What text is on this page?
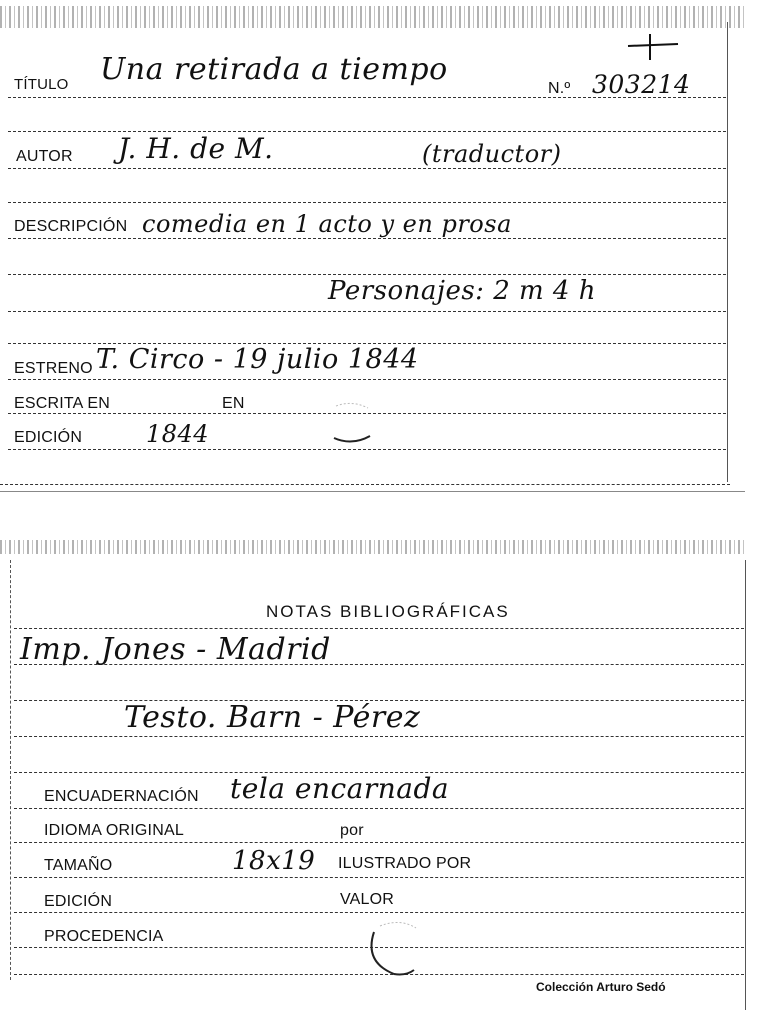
TÍTULO Una retirada a tiempo
N.º 303214
AUTOR J. H. de M.	(traductor)
DESCRIPCIÓN comedia en 1 acto y en prosa
Personajes: 2 m 4 h
ESTRENO T. Circo - 19 julio 1844
ESCRITA EN	EN
EDICIÓN	1844
NOTAS BIBLIOGRÁFICAS
Imp. Jones - Madrid
Testo. Barn - Pérez
ENCUADERNACIÓN tela encarnada
IDIOMA ORIGINAL	por
TAMAÑO	18x19 ILUSTRADO POR
EDICIÓN	VALOR
PROCEDENCIA
Colección Arturo Sedó
